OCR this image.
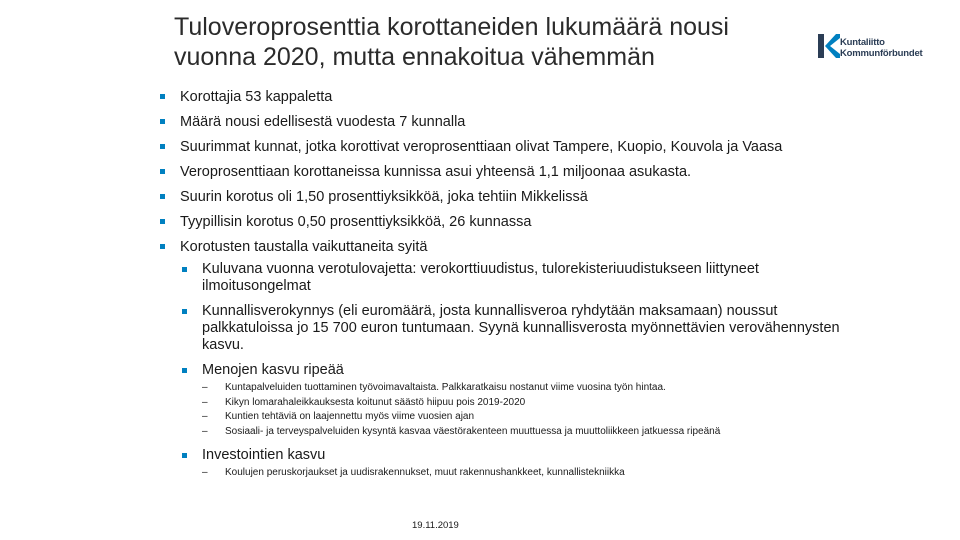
Tuloveroprosenttia korottaneiden lukumäärä nousi
vuonna 2020, mutta ennakoitua vähemmän
Kuntaliitto
Kommunförbundet
Korottajia 53 kappaletta
Määrä nousi edellisestä vuodesta 7 kunnalla
Suurimmat kunnat, jotka korottivat veroprosenttiaan olivat Tampere, Kuopio, Kouvola ja Vaasa
Veroprosenttiaan korottaneissa kunnissa asui yhteensä 1,1 miljoonaa asukasta.
Suurin korotus oli 1,50 prosenttiyksikköä, joka tehtiin Mikkelissä
Tyypillisin korotus 0,50 prosenttiyksikköä, 26 kunnassa
Korotusten taustalla vaikuttaneita syitä
Kuluvana vuonna verotulovajetta: verokorttiuudistus, tulorekisteriuudistukseen liittyneet ilmoitusongelmat
Kunnallisverokynnys (eli euromäärä, josta kunnallisveroa ryhdytään maksamaan) noussut palkkatuloissa jo 15 700 euron tuntumaan. Syynä kunnallisverosta myönnettävien verovähennysten kasvu.
Menojen kasvu ripeää
– Kuntapalveluiden tuottaminen työvoimavaltaista. Palkkaratkaisu nostanut viime vuosina työn hintaa.
– Kikyn lomarahaleikkauksesta koitunut säästö hiipuu pois 2019-2020
– Kuntien tehtäviä on laajennettu myös viime vuosien ajan
– Sosiaali- ja terveyspalveluiden kysyntä kasvaa väestörakenteen muuttuessa ja muuttoliikkeen jatkuessa ripeänä
Investointien kasvu
– Koulujen peruskorjaukset ja uudisrakennukset, muut rakennushankkeet, kunnallistekniikka
19.11.2019
